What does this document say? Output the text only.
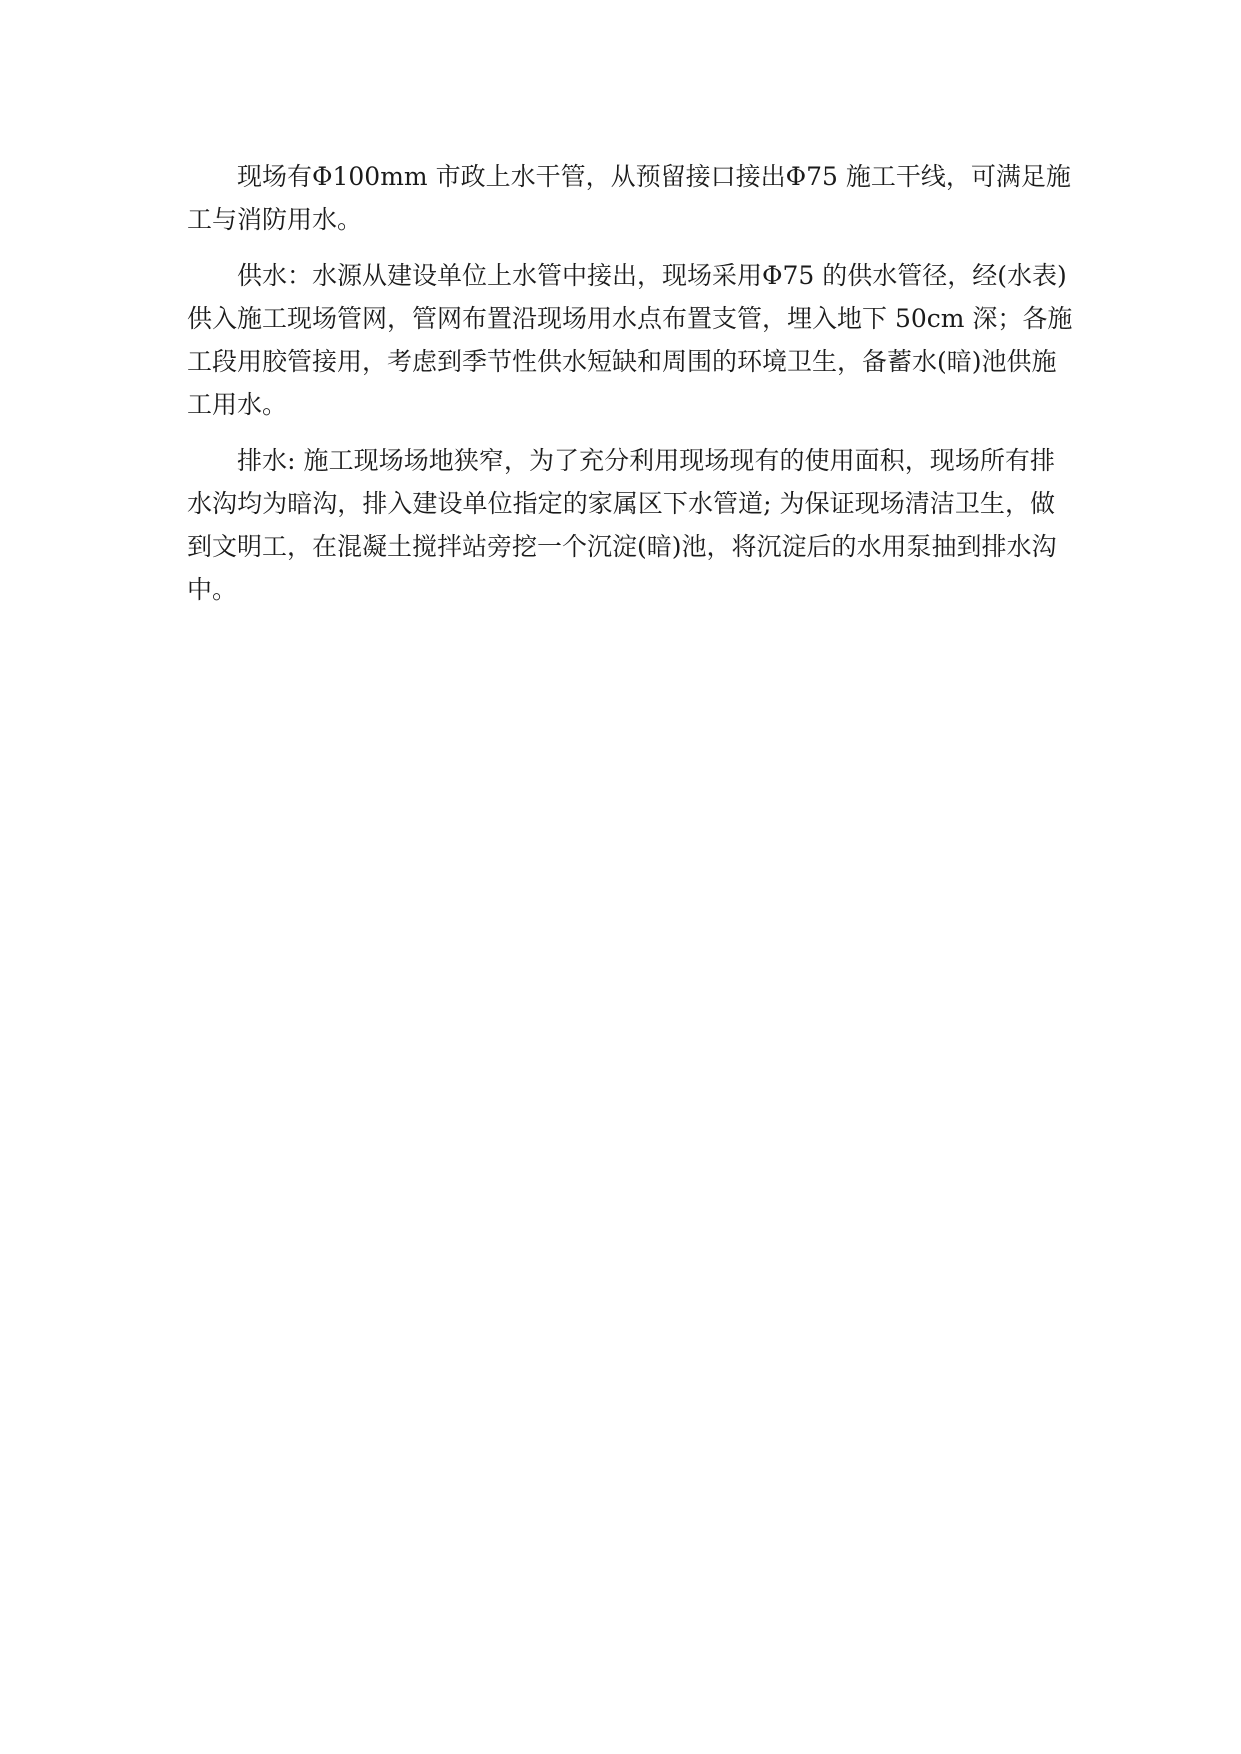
现场有Φ100mm 市政上水干管，从预留接口接出Φ75 施工干线，可满足施
工与消防用水。
供水：水源从建设单位上水管中接出，现场采用Φ75 的供水管径，经(水表)
供入施工现场管网，管网布置沿现场用水点布置支管，埋入地下 50cm 深；各施
工段用胶管接用，考虑到季节性供水短缺和周围的环境卫生，备蓄水(暗)池供施
工用水。
排水: 施工现场场地狭窄，为了充分利用现场现有的使用面积，现场所有排
水沟均为暗沟，排入建设单位指定的家属区下水管道; 为保证现场清洁卫生，做
到文明工，在混凝土搅拌站旁挖一个沉淀(暗)池，将沉淀后的水用泵抽到排水沟
中。
